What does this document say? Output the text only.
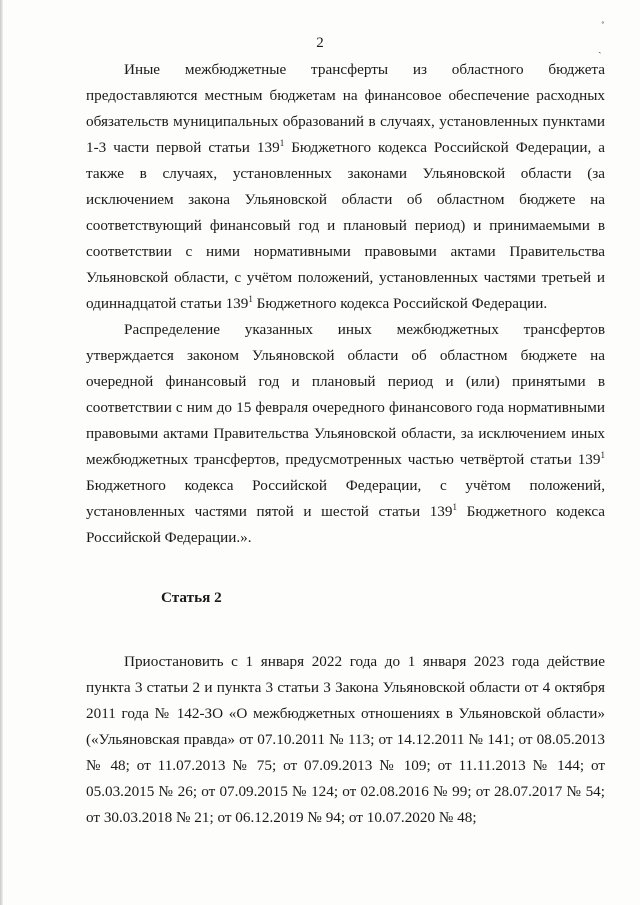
˚
ˏ
2

Иные межбюджетные трансферты из областного бюджета предоставляются местным бюджетам на финансовое обеспечение расходных обязательств муниципальных образований в случаях, установленных пунктами 1-3 части первой статьи $139^1$ Бюджетного кодекса Российской Федерации, а также в случаях, установленных законами Ульяновской области (за исключением закона Ульяновской области об областном бюджете на соответствующий финансовый год и плановый период) и принимаемыми в соответствии с ними нормативными правовыми актами Правительства Ульяновской области, с учётом положений, установленных частями третьей и одиннадцатой статьи $139^1$ Бюджетного кодекса Российской Федерации.

Распределение указанных иных межбюджетных трансфертов утверждается законом Ульяновской области об областном бюджете на очередной финансовый год и плановый период и (или) принятыми в соответствии с ним до 15 февраля очередного финансового года нормативными правовыми актами Правительства Ульяновской области, за исключением иных межбюджетных трансфертов, предусмотренных частью четвёртой статьи $139^1$ Бюджетного кодекса Российской Федерации, с учётом положений, установленных частями пятой и шестой статьи $139^1$ Бюджетного кодекса Российской Федерации.».

Статья 2

Приостановить с 1 января 2022 года до 1 января 2023 года действие пункта 3 статьи 2 и пункта 3 статьи 3 Закона Ульяновской области от 4 октября 2011 года № 142-ЗО «О межбюджетных отношениях в Ульяновской области» («Ульяновская правда» от 07.10.2011 № 113; от 14.12.2011 № 141; от 08.05.2013 № 48; от 11.07.2013 № 75; от 07.09.2013 № 109; от 11.11.2013 № 144; от 05.03.2015 № 26; от 07.09.2015 № 124; от 02.08.2016 № 99; от 28.07.2017 № 54; от 30.03.2018 № 21; от 06.12.2019 № 94; от 10.07.2020 № 48;
